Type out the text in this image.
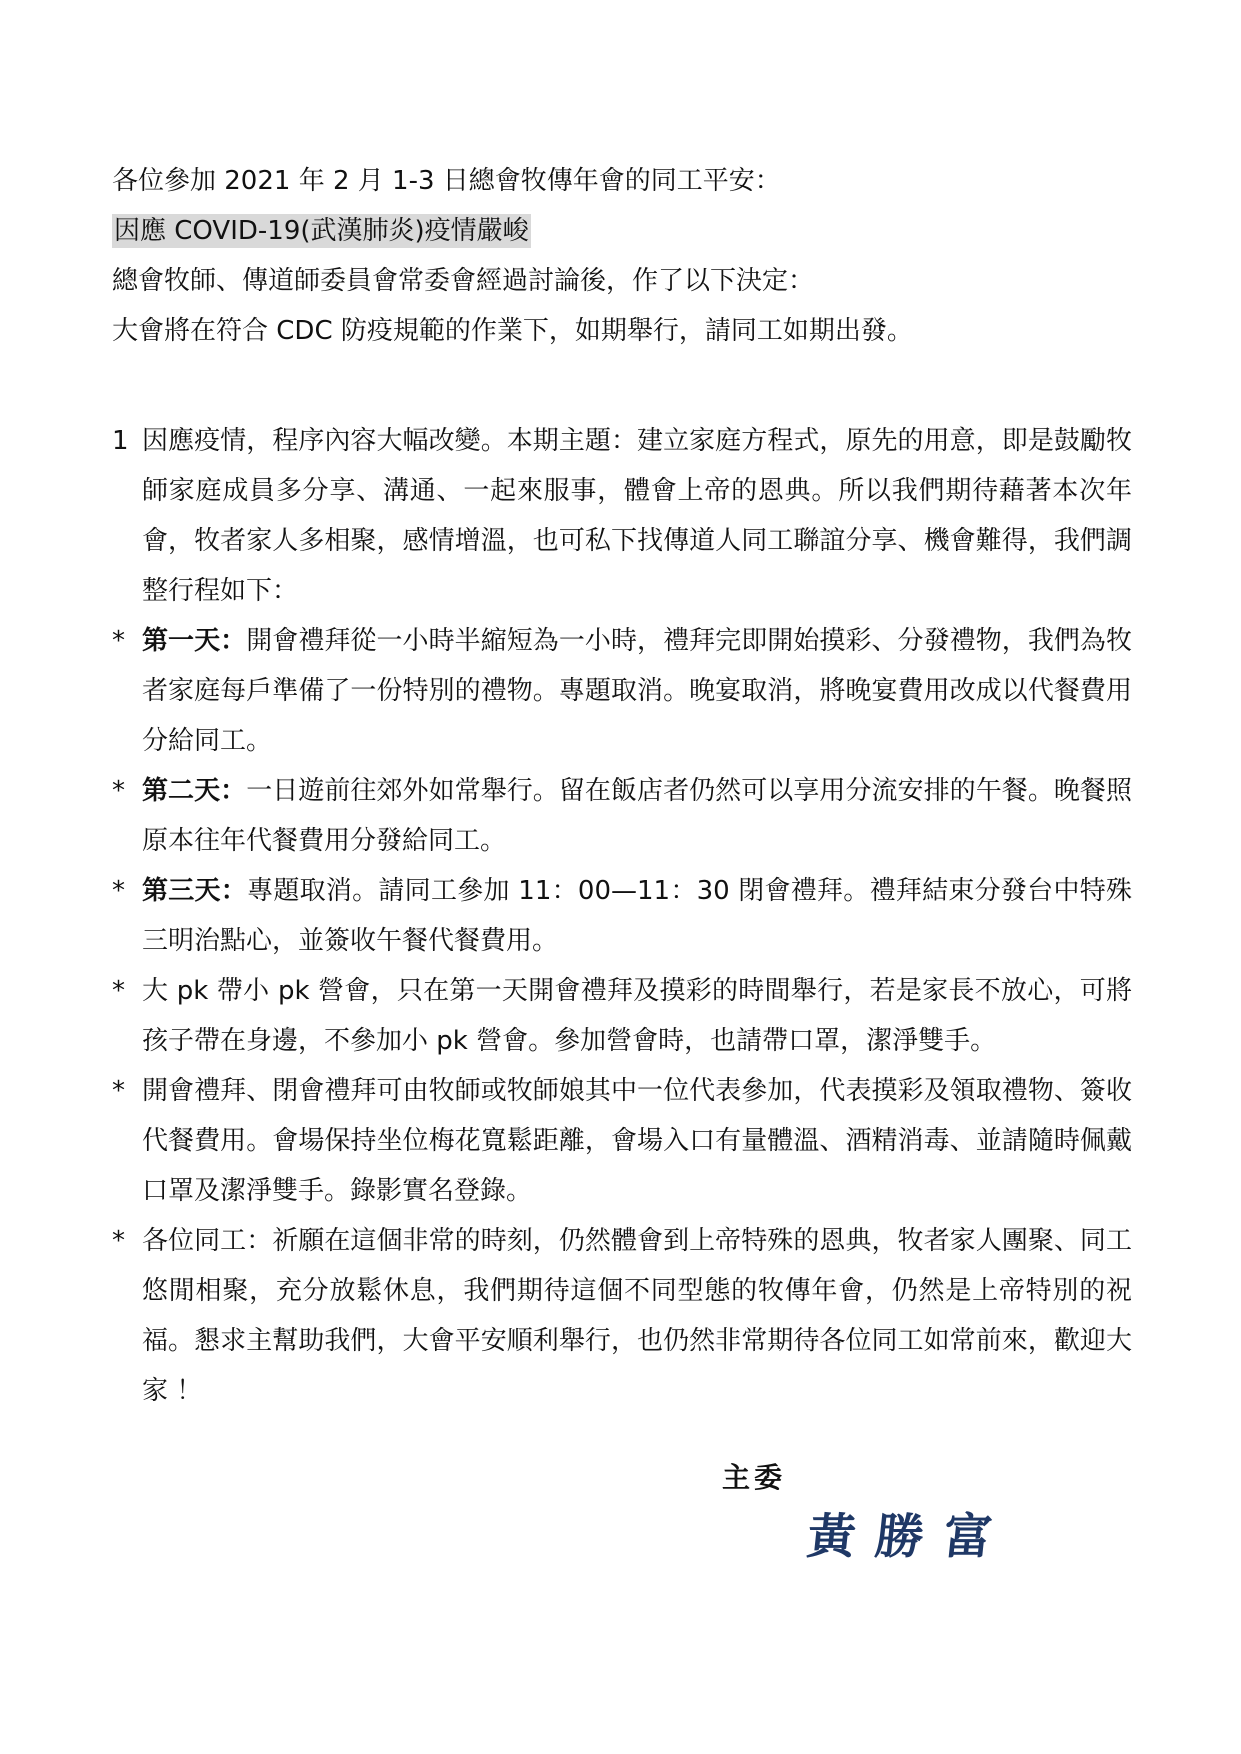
各位參加 2021 年 2 月 1-3 日總會牧傳年會的同工平安：
因應 COVID-19(武漢肺炎)疫情嚴峻
總會牧師、傳道師委員會常委會經過討論後，作了以下決定：
大會將在符合 CDC 防疫規範的作業下，如期舉行，請同工如期出發。
1 因應疫情，程序內容大幅改變。本期主題：建立家庭方程式，原先的用意，即是鼓勵牧師家庭成員多分享、溝通、一起來服事，體會上帝的恩典。所以我們期待藉著本次年會，牧者家人多相聚，感情增溫，也可私下找傳道人同工聯誼分享、機會難得，我們調整行程如下：
* 第一天：開會禮拜從一小時半縮短為一小時，禮拜完即開始摸彩、分發禮物，我們為牧者家庭每戶準備了一份特別的禮物。專題取消。晚宴取消，將晚宴費用改成以代餐費用分給同工。
* 第二天：一日遊前往郊外如常舉行。留在飯店者仍然可以享用分流安排的午餐。晚餐照原本往年代餐費用分發給同工。
* 第三天：專題取消。請同工參加 11：00—11：30 閉會禮拜。禮拜結束分發台中特殊三明治點心，並簽收午餐代餐費用。
* 大 pk 帶小 pk 營會，只在第一天開會禮拜及摸彩的時間舉行，若是家長不放心，可將孩子帶在身邊，不參加小 pk 營會。參加營會時，也請帶口罩，潔淨雙手。
* 開會禮拜、閉會禮拜可由牧師或牧師娘其中一位代表參加，代表摸彩及領取禮物、簽收代餐費用。會場保持坐位梅花寬鬆距離，會場入口有量體溫、酒精消毒、並請隨時佩戴口罩及潔淨雙手。錄影實名登錄。
* 各位同工：祈願在這個非常的時刻，仍然體會到上帝特殊的恩典，牧者家人團聚、同工悠閒相聚，充分放鬆休息，我們期待這個不同型態的牧傳年會，仍然是上帝特別的祝福。懇求主幫助我們，大會平安順利舉行，也仍然非常期待各位同工如常前來，歡迎大家 ！
主委
黃勝富
